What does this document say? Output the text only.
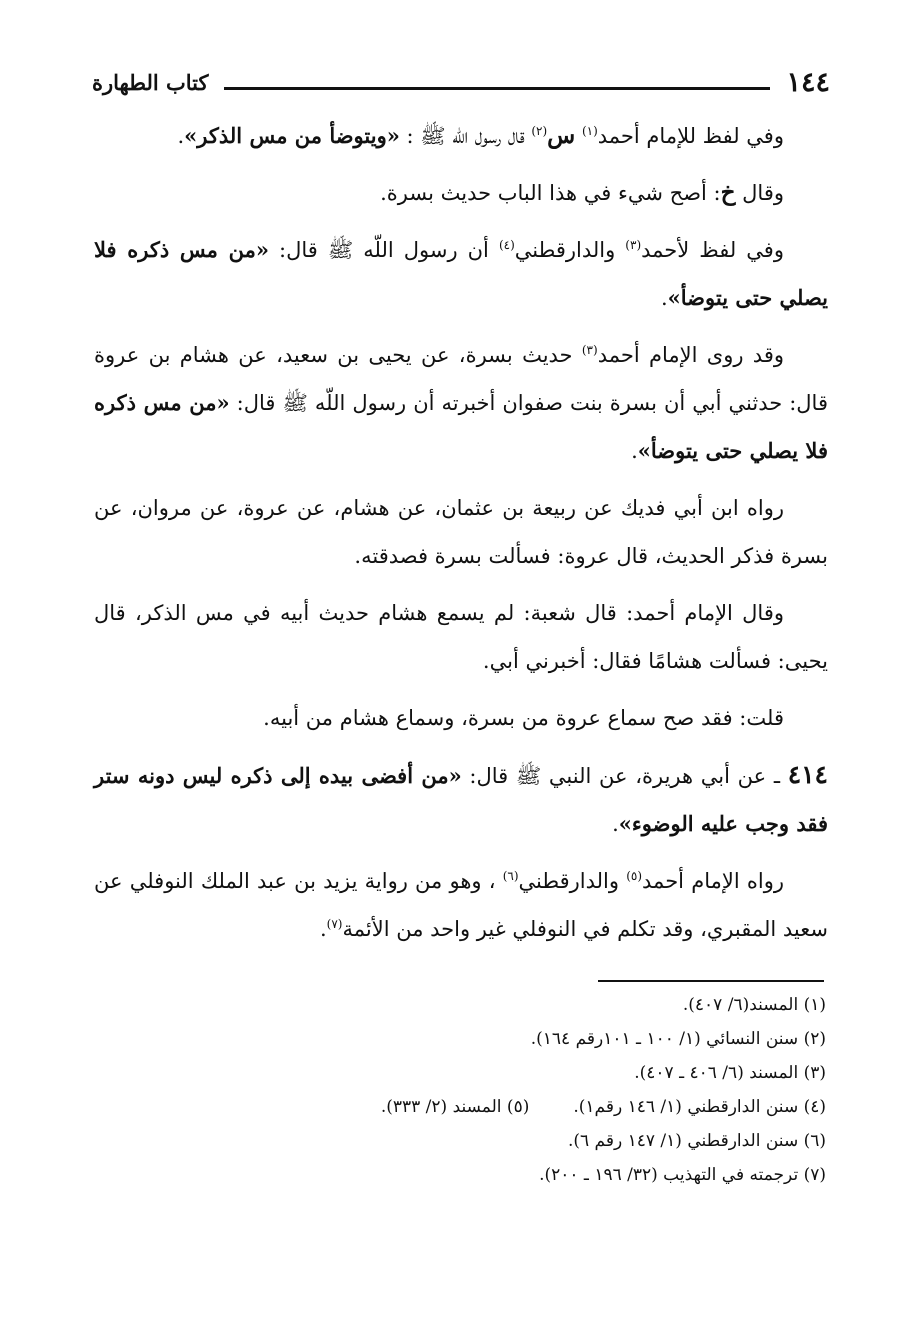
١٤٤
كتاب الطهارة

وفي لفظ للإمام أحمد$^{(١)}$ س$^{(٢)}$ قال رسول اللّه ﷺ : «ويتوضأ من مس الذكر».

وقال خ: أصح شيء في هذا الباب حديث بسرة.

وفي لفظ لأحمد$^{(٣)}$ والدارقطني$^{(٤)}$ أن رسول اللّه ﷺ قال: «من مس ذكره فلا يصلي حتى يتوضأ».

وقد روى الإمام أحمد$^{(٣)}$ حديث بسرة، عن يحيى بن سعيد، عن هشام بن عروة قال: حدثني أبي أن بسرة بنت صفوان أخبرته أن رسول اللّه ﷺ قال: «من مس ذكره فلا يصلي حتى يتوضأ».

رواه ابن أبي فديك عن ربيعة بن عثمان، عن هشام، عن عروة، عن مروان، عن بسرة فذكر الحديث، قال عروة: فسألت بسرة فصدقته.

وقال الإمام أحمد: قال شعبة: لم يسمع هشام حديث أبيه في مس الذكر، قال يحيى: فسألت هشامًا فقال: أخبرني أبي.

قلت: فقد صح سماع عروة من بسرة، وسماع هشام من أبيه.

٤١٤ ـ عن أبي هريرة، عن النبي ﷺ قال: «من أفضى بيده إلى ذكره ليس دونه ستر فقد وجب عليه الوضوء».

رواه الإمام أحمد$^{(٥)}$ والدارقطني$^{(٦)}$ ، وهو من رواية يزيد بن عبد الملك النوفلي عن سعيد المقبري، وقد تكلم في النوفلي غير واحد من الأئمة$^{(٧)}$.

(١) المسند(٦/ ٤٠٧).
(٢) سنن النسائي (١/ ١٠٠ ـ ١٠١رقم ١٦٤).
(٣) المسند (٦/ ٤٠٦ ـ ٤٠٧).
(٤) سنن الدارقطني (١/ ١٤٦ رقم١).(٥) المسند (٢/ ٣٣٣).
(٦) سنن الدارقطني (١/ ١٤٧ رقم ٦).
(٧) ترجمته في التهذيب (٣٢/ ١٩٦ ـ ٢٠٠).
